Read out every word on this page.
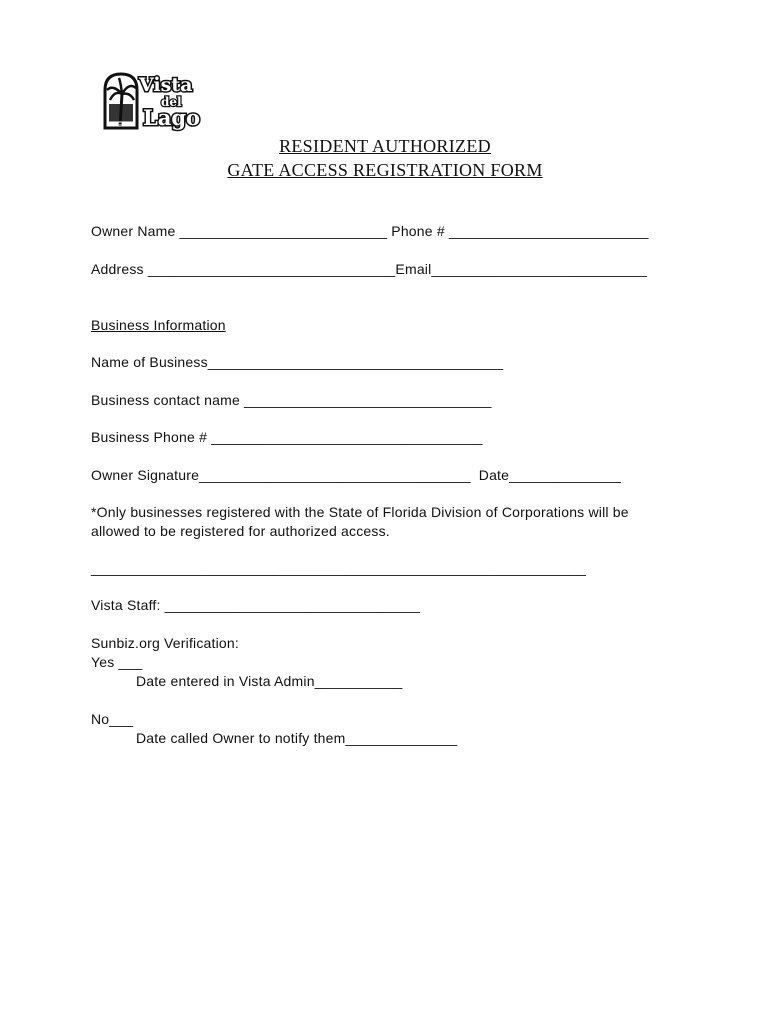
Vista
del
Lago

RESIDENT AUTHORIZED
GATE ACCESS REGISTRATION FORM
Owner Name __________________________ Phone # _________________________
Address _______________________________Email___________________________
Business Information
Name of Business_____________________________________
Business contact name _______________________________
Business Phone # __________________________________
Owner Signature__________________________________  Date______________
*Only businesses registered with the State of Florida Division of Corporations will be
allowed to be registered for authorized access.
______________________________________________________________
Vista Staff: ________________________________
Sunbiz.org Verification:
Yes ___
Date entered in Vista Admin___________
No___
Date called Owner to notify them______________
